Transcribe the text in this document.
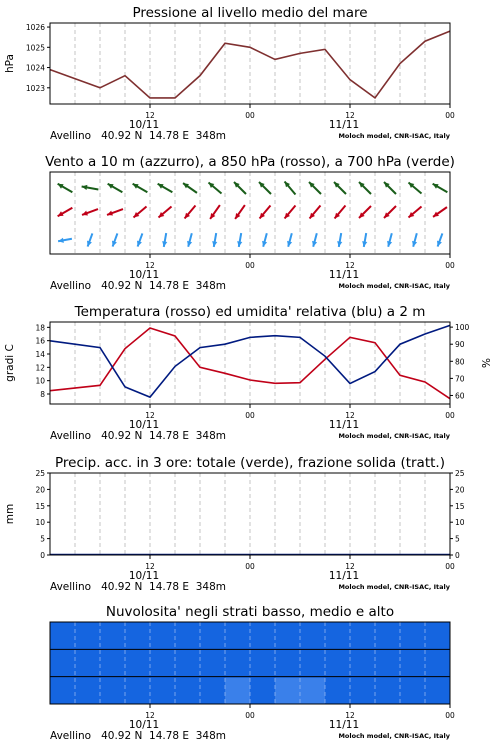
Pressione al livello medio del mare
12	00	12	00
10/11	11/11
Avellino   40.92 N  14.78 E  348m	Moloch model, CNR-ISAC, Italy
1023
1024
1025
1026
hPa
Vento a 10 m (azzurro), a 850 hPa (rosso), a 700 hPa (verde)
12	00	12	00
10/11	11/11
Avellino   40.92 N  14.78 E  348m	Moloch model, CNR-ISAC, Italy
Temperatura (rosso) ed umidita' relativa (blu) a 2 m
12	00	12	00
10/11	11/11
Avellino   40.92 N  14.78 E  348m	Moloch model, CNR-ISAC, Italy
8
10
12
14
16
18
60
70
80
90
100
gradi C	%
Precip. acc. in 3 ore: totale (verde), frazione solida (tratt.)
12	00	12	00
10/11	11/11
Avellino   40.92 N  14.78 E  348m	Moloch model, CNR-ISAC, Italy
0
5
10
15
20
25
0
5
10
15
20
25
mm
Nuvolosita' negli strati basso, medio e alto
12	00	12	00
10/11	11/11
Avellino   40.92 N  14.78 E  348m	Moloch model, CNR-ISAC, Italy
